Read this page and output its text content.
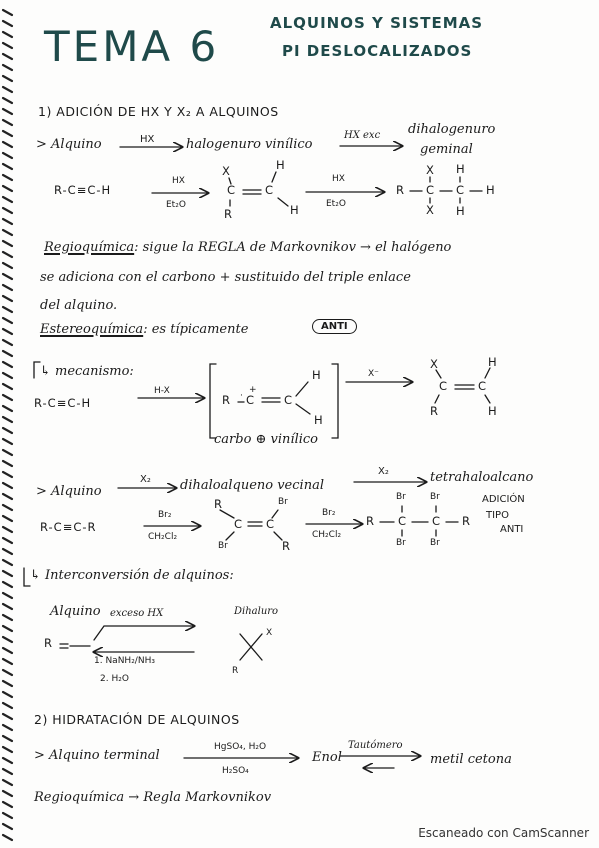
TEMA 6	ALQUINOS Y SISTEMAS
PI DESLOCALIZADOS
1) ADICIÓN DE HX Y X₂ A ALQUINOS
> Alquino	HX halogenuro vinílico
HX exc dihalogenuro
geminal
R-C≡C-H
HX
Et₂O
X	H
C	C
R	H
HX
Et₂O
R
X
C
X
H
C
H
H
Regioquímica: sigue la REGLA de Markovnikov → el halógeno
se adiciona con el carbono + sustituido del triple enlace
del alquino.
Estereoquímica: es típicamente	ANTI
↳ mecanismo:
R-C≡C-H
H-X
R C	C
H
H
X⁻
X	H
C	C
R	H
carbo ⊕ vinílico
> Alquino
X₂ dihaloalqueno vecinal
X₂	tetrahaloalcano
R-C≡C-R
Br₂
CH₂Cl₂
R	Br
C C
Br	R
Br₂
CH₂Cl₂
R
Br
C
Br
Br
C
Br
R
ADICIÓN
TIPO
ANTI
↳ Interconversión de alquinos:
Alquino exceso HX
1. NaNH₂/NH₃
2. H₂O
Dihaluro
R
X
R
2) HIDRATACIÓN DE ALQUINOS
> Alquino terminal
HgSO₄, H₂O
H₂SO₄
Enol
Tautómero
metil cetona
Regioquímica → Regla Markovnikov
+
·
Escaneado con CamScanner
